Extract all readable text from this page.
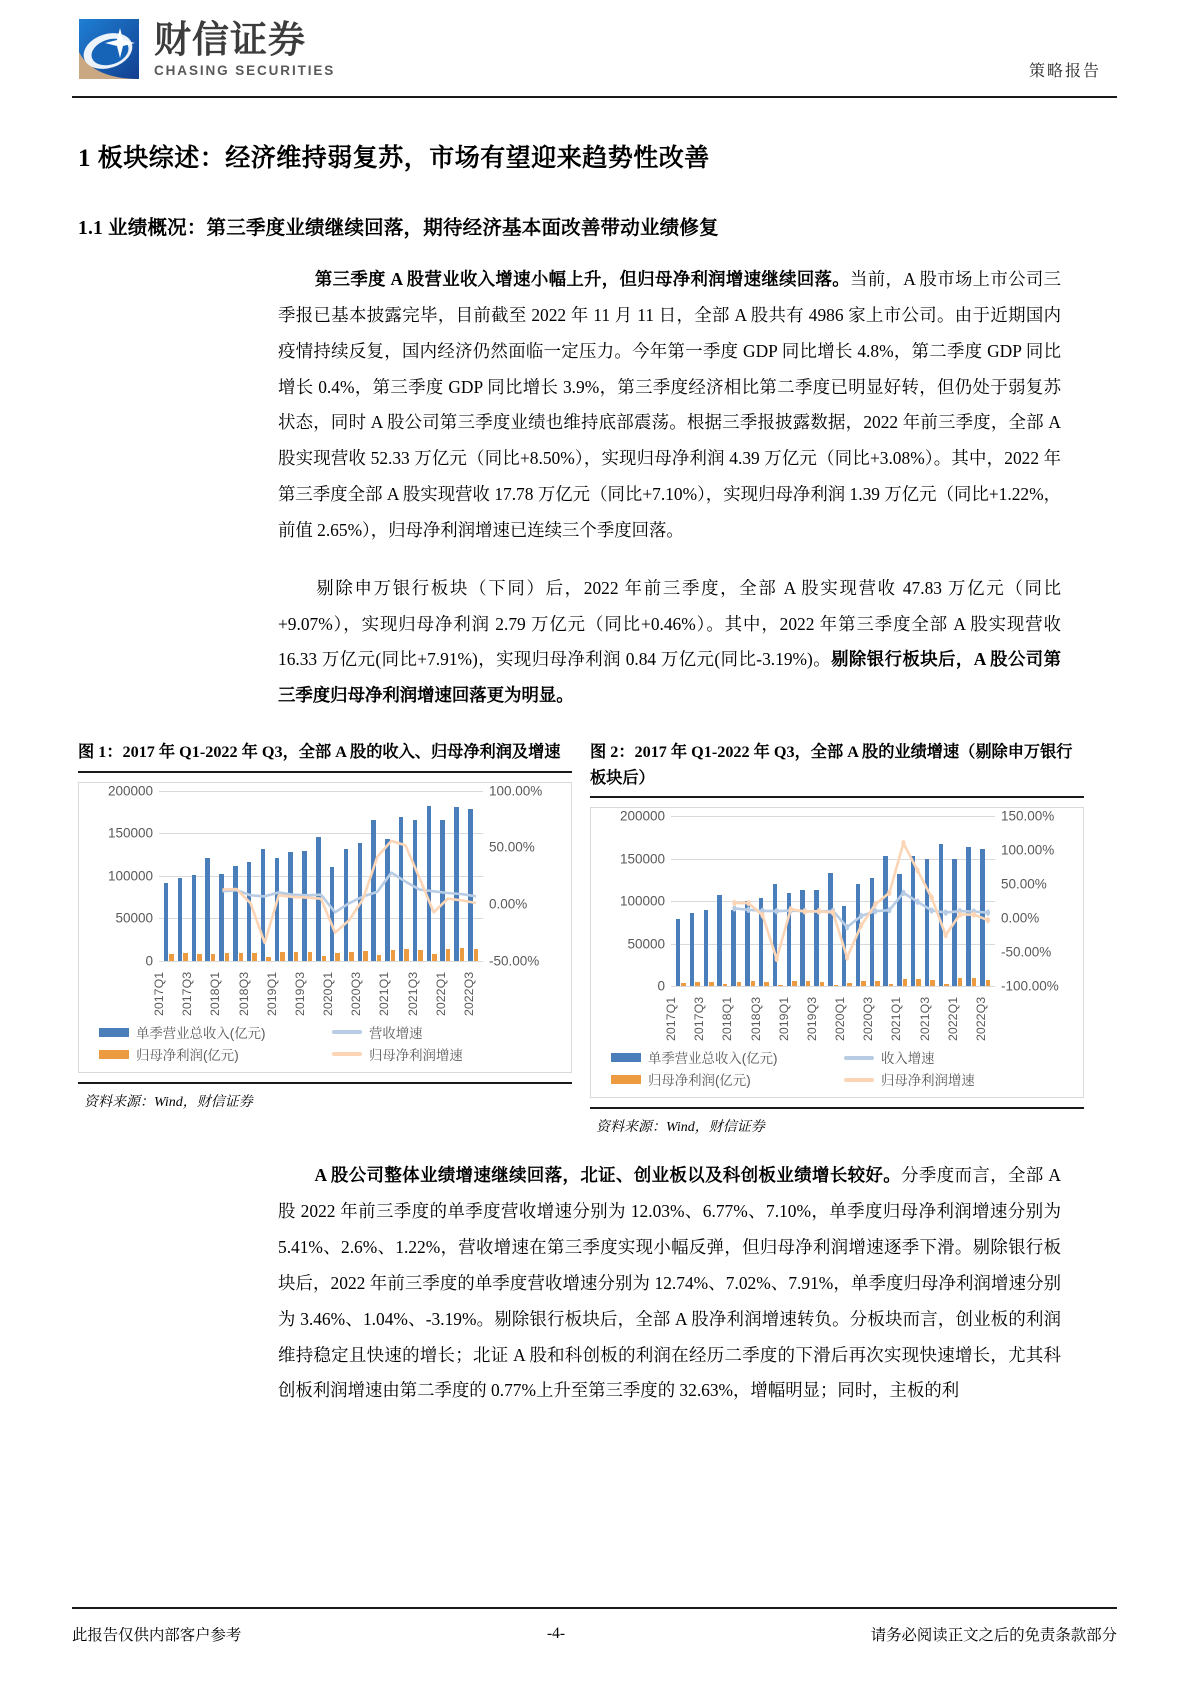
财信证券
CHASING SECURITIES	策略报告
1 板块综述：经济维持弱复苏，市场有望迎来趋势性改善
1.1 业绩概况：第三季度业绩继续回落，期待经济基本面改善带动业绩修复

第三季度 A 股营业收入增速小幅上升，但归母净利润增速继续回落。当前，A 股市场上市公司三季报已基本披露完毕，目前截至 2022 年 11 月 11 日，全部 A 股共有 4986 家上市公司。由于近期国内疫情持续反复，国内经济仍然面临一定压力。今年第一季度 GDP 同比增长 4.8%，第二季度 GDP 同比增长 0.4%，第三季度 GDP 同比增长 3.9%，第三季度经济相比第二季度已明显好转，但仍处于弱复苏状态，同时 A 股公司第三季度业绩也维持底部震荡。根据三季报披露数据，2022 年前三季度，全部 A 股实现营收 52.33 万亿元（同比+8.50%），实现归母净利润 4.39 万亿元（同比+3.08%）。其中，2022 年第三季度全部 A 股实现营收 17.78 万亿元（同比+7.10%），实现归母净利润 1.39 万亿元（同比+1.22%，前值 2.65%），归母净利润增速已连续三个季度回落。

剔除申万银行板块（下同）后，2022 年前三季度，全部 A 股实现营收 47.83 万亿元（同比+9.07%），实现归母净利润 2.79 万亿元（同比+0.46%）。其中，2022 年第三季度全部 A 股实现营收16.33 万亿元(同比+7.91%)，实现归母净利润 0.84 万亿元(同比-3.19%)。剔除银行板块后，A 股公司第三季度归母净利润增速回落更为明显。

图 1：2017 年 Q1-2022 年 Q3，全部 A 股的收入、归母净利润及增速
0
50000
100000
150000
200000
-50.00%
0.00%
50.00%
100.00%
2017Q1 2017Q3 2018Q1 2018Q3 2019Q1 2019Q3 2020Q1 2020Q3 2021Q1 2021Q3 2022Q1 2022Q3
单季营业总收入(亿元)	营收增速
归母净利润(亿元)	归母净利润增速
资料来源：Wind，财信证券
图 2：2017 年 Q1-2022 年 Q3，全部 A 股的业绩增速（剔除申万银行板块后）
0
50000
100000
150000
200000
-100.00%
-50.00%
0.00%
50.00%
100.00%
150.00%
2017Q1 2017Q3 2018Q1 2018Q3 2019Q1 2019Q3 2020Q1 2020Q3 2021Q1 2021Q3 2022Q1 2022Q3
单季营业总收入(亿元)	收入增速
归母净利润(亿元)	归母净利润增速
资料来源：Wind，财信证券

A 股公司整体业绩增速继续回落，北证、创业板以及科创板业绩增长较好。分季度而言，全部 A 股 2022 年前三季度的单季度营收增速分别为 12.03%、6.77%、7.10%，单季度归母净利润增速分别为 5.41%、2.6%、1.22%，营收增速在第三季度实现小幅反弹，但归母净利润增速逐季下滑。剔除银行板块后，2022 年前三季度的单季度营收增速分别为 12.74%、7.02%、7.91%，单季度归母净利润增速分别为 3.46%、1.04%、-3.19%。剔除银行板块后，全部 A 股净利润增速转负。分板块而言，创业板的利润维持稳定且快速的增长；北证 A 股和科创板的利润在经历二季度的下滑后再次实现快速增长，尤其科创板利润增速由第二季度的 0.77%上升至第三季度的 32.63%，增幅明显；同时，主板的利

此报告仅供内部客户参考	-4-	请务必阅读正文之后的免责条款部分
